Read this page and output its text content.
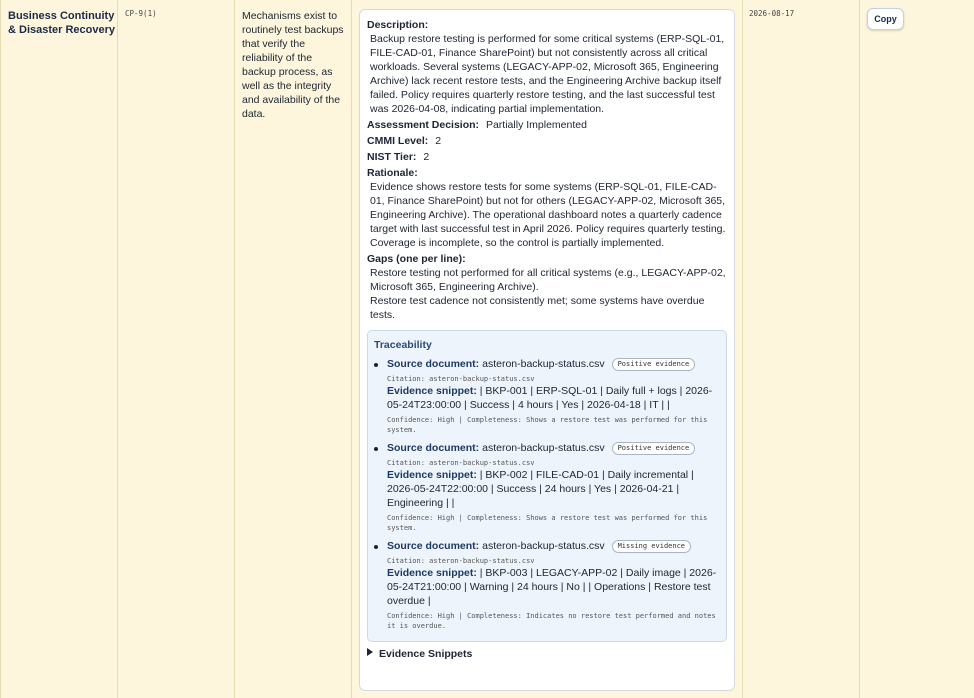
Business Continuity & Disaster Recovery
CP-9(1)	Mechanisms exist to routinely test backups that verify the reliability of the backup process, as well as the integrity and availability of the data.
Description:
Backup restore testing is performed for some critical systems (ERP-SQL-01, FILE-CAD-01, Finance SharePoint) but not consistently across all critical workloads. Several systems (LEGACY-APP-02, Microsoft 365, Engineering Archive) lack recent restore tests, and the Engineering Archive backup itself failed. Policy requires quarterly restore testing, and the last successful test was 2026-04-08, indicating partial implementation.
Assessment Decision: Partially Implemented
CMMI Level: 2
NIST Tier: 2
Rationale:
Evidence shows restore tests for some systems (ERP-SQL-01, FILE-CAD-01, Finance SharePoint) but not for others (LEGACY-APP-02, Microsoft 365, Engineering Archive). The operational dashboard notes a quarterly cadence target with last successful test in April 2026. Policy requires quarterly testing. Coverage is incomplete, so the control is partially implemented.
Gaps (one per line):
Restore testing not performed for all critical systems (e.g., LEGACY-APP-02, Microsoft 365, Engineering Archive).
Restore test cadence not consistently met; some systems have overdue tests.
Traceability
Source document: asteron-backup-status.csv Positive evidence
Citation: asteron-backup-status.csv
Evidence snippet: | BKP-001 | ERP-SQL-01 | Daily full + logs | 2026-05-24T23:00:00 | Success | 4 hours | Yes | 2026-04-18 | IT | |
Confidence: High | Completeness: Shows a restore test was performed for this system.
Source document: asteron-backup-status.csv Positive evidence
Citation: asteron-backup-status.csv
Evidence snippet: | BKP-002 | FILE-CAD-01 | Daily incremental | 2026-05-24T22:00:00 | Success | 24 hours | Yes | 2026-04-21 | Engineering | |
Confidence: High | Completeness: Shows a restore test was performed for this system.
Source document: asteron-backup-status.csv Missing evidence
Citation: asteron-backup-status.csv
Evidence snippet: | BKP-003 | LEGACY-APP-02 | Daily image | 2026-05-24T21:00:00 | Warning | 24 hours | No | | Operations | Restore test overdue |
Confidence: High | Completeness: Indicates no restore test performed and notes it is overdue.
Evidence Snippets
2026-08-17
Copy
